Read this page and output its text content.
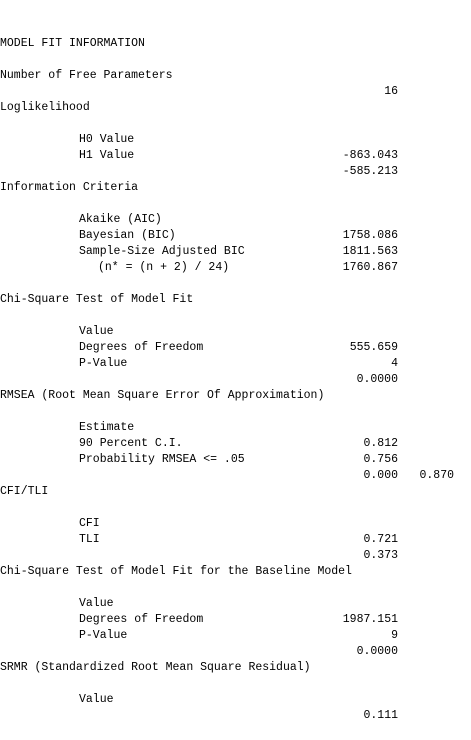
MODEL FIT INFORMATION

Number of Free Parameters

16

Loglikelihood

H0 Value

-863.043

H1 Value

-585.213

Information Criteria

Akaike (AIC)

1758.086

Bayesian (BIC)

1811.563

Sample-Size Adjusted BIC

1760.867

(n* = (n + 2) / 24)

Chi-Square Test of Model Fit

Value

555.659

Degrees of Freedom

4

P-Value

0.0000

RMSEA (Root Mean Square Error Of Approximation)

Estimate

0.812

90 Percent C.I.

0.756

0.870

Probability RMSEA <= .05

0.000

CFI/TLI

CFI

0.721

TLI

0.373

Chi-Square Test of Model Fit for the Baseline Model

Value

1987.151

Degrees of Freedom

9

P-Value

0.0000

SRMR (Standardized Root Mean Square Residual)

Value

0.111
